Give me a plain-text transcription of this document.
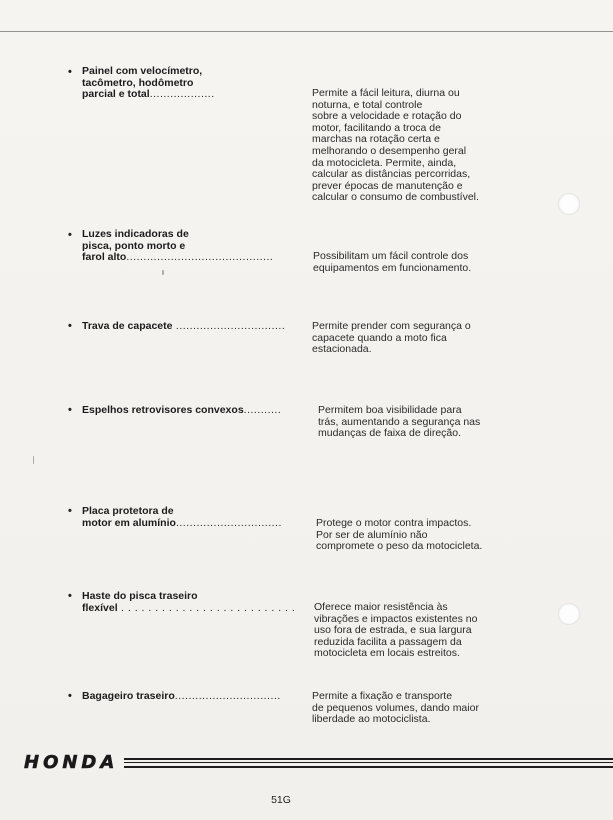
• Painel com velocímetro,
tacômetro, hodômetro
parcial e total...................	Permite a fácil leitura, diurna ou
noturna, e total controle
sobre a velocidade e rotação do
motor, facilitando a troca de
marchas na rotação certa e
melhorando o desempenho geral
da motocicleta. Permite, ainda,
calcular as distâncias percorridas,
prever épocas de manutenção e
calcular o consumo de combustível.
• Luzes indicadoras de
pisca, ponto morto e
farol alto...........................................	Possibilitam um fácil controle dos
equipamentos em funcionamento.
• Trava de capacete ................................	Permite prender com segurança o
capacete quando a moto fica
estacionada.
• Espelhos retrovisores convexos...........	Permitem boa visibilidade para
trás, aumentando a segurança nas
mudanças de faixa de direção.
• Placa protetora de
motor em alumínio...............................	Protege o motor contra impactos.
Por ser de alumínio não
compromete o peso da motocicleta.
• Haste do pisca traseiro
flexível . . . . . . . . . . . . . . . . . . . . . . . . . .	Oferece maior resistência às
vibrações e impactos existentes no
uso fora de estrada, e sua largura
reduzida facilita a passagem da
motocicleta em locais estreitos.
• Bagageiro traseiro...............................	Permite a fixação e transporte
de pequenos volumes, dando maior
liberdade ao motociclista.
HONDA
51G
